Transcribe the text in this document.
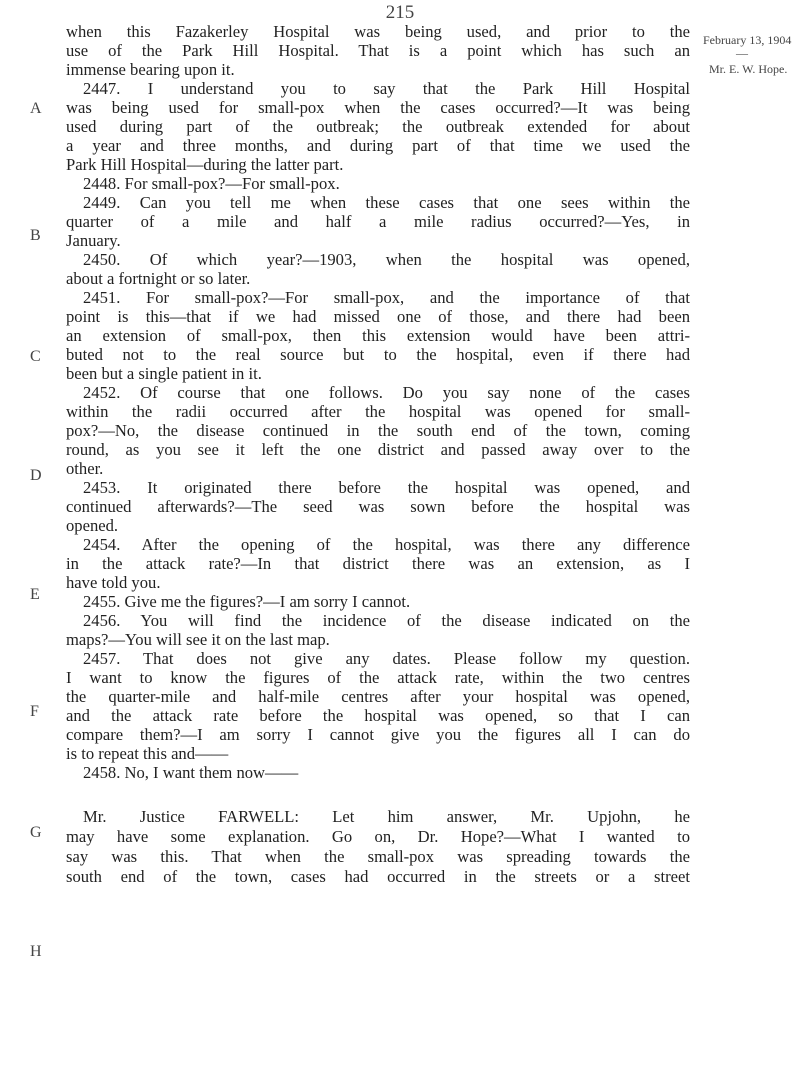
215
February 13, 1904
—
Mr. E. W. Hope.
A
B
C
D
E
F
G
H
when this Fazakerley Hospital was being used, and prior to the
use of the Park Hill Hospital. That is a point which has such an
immense bearing upon it.
2447. I understand you to say that the Park Hill Hospital
was being used for small-pox when the cases occurred?—It was being
used during part of the outbreak; the outbreak extended for about
a year and three months, and during part of that time we used the
Park Hill Hospital—during the latter part.
2448. For small-pox?—For small-pox.
2449. Can you tell me when these cases that one sees within the
quarter of a mile and half a mile radius occurred?—Yes, in
January.
2450. Of which year?—1903, when the hospital was opened,
about a fortnight or so later.
2451. For small-pox?—For small-pox, and the importance of that
point is this—that if we had missed one of those, and there had been
an extension of small-pox, then this extension would have been attri-
buted not to the real source but to the hospital, even if there had
been but a single patient in it.
2452. Of course that one follows. Do you say none of the cases
within the radii occurred after the hospital was opened for small-
pox?—No, the disease continued in the south end of the town, coming
round, as you see it left the one district and passed away over to the
other.
2453. It originated there before the hospital was opened, and
continued afterwards?—The seed was sown before the hospital was
opened.
2454. After the opening of the hospital, was there any difference
in the attack rate?—In that district there was an extension, as I
have told you.
2455. Give me the figures?—I am sorry I cannot.
2456. You will find the incidence of the disease indicated on the
maps?—You will see it on the last map.
2457. That does not give any dates. Please follow my question.
I want to know the figures of the attack rate, within the two centres
the quarter-mile and half-mile centres after your hospital was opened,
and the attack rate before the hospital was opened, so that I can
compare them?—I am sorry I cannot give you the figures all I can do
is to repeat this and——
2458. No, I want them now——
Mr. Justice FARWELL: Let him answer, Mr. Upjohn, he
may have some explanation. Go on, Dr. Hope?—What I wanted to
say was this. That when the small-pox was spreading towards the
south end of the town, cases had occurred in the streets or a street
